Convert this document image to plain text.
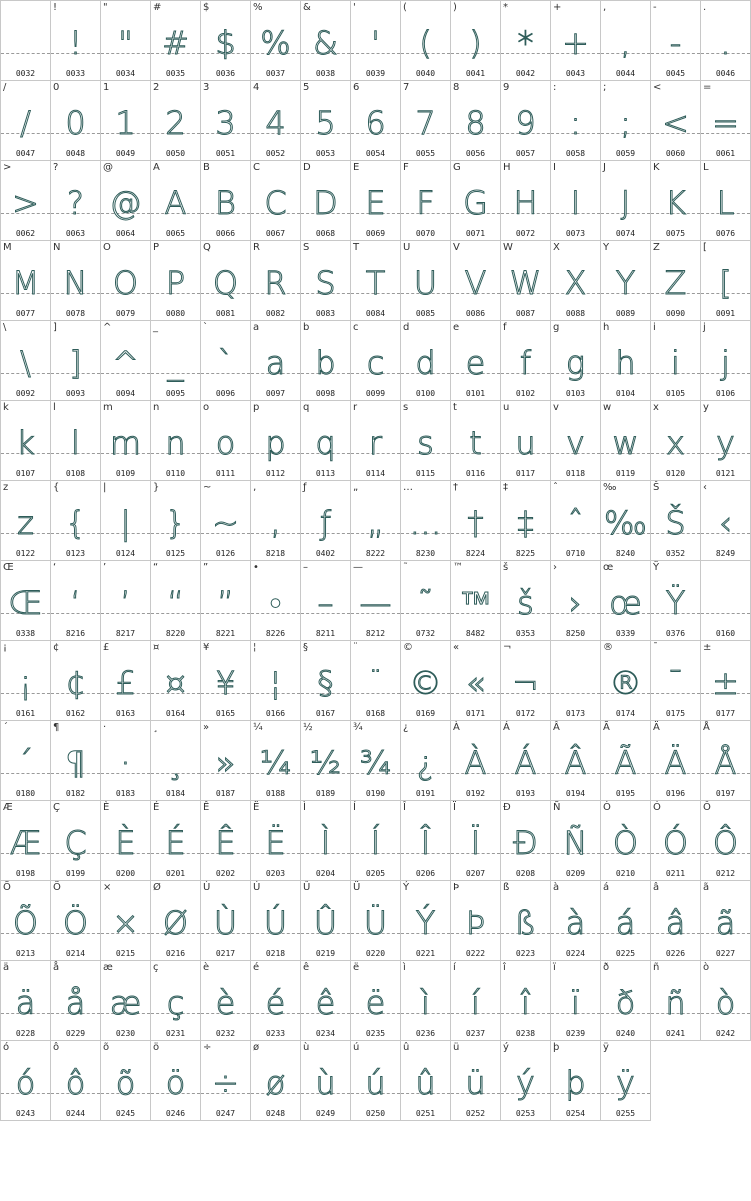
0032
!
!
0033
"
"
0034
#
#
0035
$
$
0036
%
%
0037
&
&
0038
'
'
0039
(
(
0040
)
)
0041
*
*
0042
+
+
0043
,
,
0044
-
-
0045
.
.
0046
/
/
0047
0
0
0048
1
1
0049
2
2
0050
3
3
0051
4
4
0052
5
5
0053
6
6
0054
7
7
0055
8
8
0056
9
9
0057
:
:
0058
;
;
0059
<
<
0060
=
=
0061
>
>
0062
?
?
0063
@
@
0064
A
A
0065
B
B
0066
C
C
0067
D
D
0068
E
E
0069
F
F
0070
G
G
0071
H
H
0072
I
I
0073
J
J
0074
K
K
0075
L
L
0076
M
M
0077
N
N
0078
O
O
0079
P
P
0080
Q
Q
0081
R
R
0082
S
S
0083
T
T
0084
U
U
0085
V
V
0086
W
W
0087
X
X
0088
Y
Y
0089
Z
Z
0090
[
[
0091
\
\
0092
]
]
0093
^
^
0094
_
_
0095
`
`
0096
a
a
0097
b
b
0098
c
c
0099
d
d
0100
e
e
0101
f
f
0102
g
g
0103
h
h
0104
i
i
0105
j
j
0106
k
k
0107
l
l
0108
m
m
0109
n
n
0110
o
o
0111
p
p
0112
q
q
0113
r
r
0114
s
s
0115
t
t
0116
u
u
0117
v
v
0118
w
w
0119
x
x
0120
y
y
0121
z
z
0122
{
{
0123
|
|
0124
}
}
0125
~
~
0126
‚
‚
8218
ƒ
ƒ
0402
„
„
8222
…
…
8230
†
†
8224
‡
‡
8225
ˆ
ˆ
0710
‰
‰
8240
Š
Š
0352
‹
‹
8249
Œ
Œ
0338
‘
‘
8216
’
’
8217
“
“
8220
”
”
8221
•
•
8226
–
–
8211
—
—
8212
˜
˜
0732
™
™
8482
š
š
0353
›
›
8250
œ
œ
0339
Ÿ
Ÿ
0376	0160
¡
¡
0161
¢
¢
0162
£
£
0163
¤
¤
0164
¥
¥
0165
¦
¦
0166
§
§
0167
¨
¨
0168
©
©
0169
«
«
0171
¬
¬
0172	0173
®
®
0174
¯
¯
0175
±
±
0177
´
´
0180
¶
¶
0182
·
·
0183
¸
¸
0184
»
»
0187
¼
¼
0188
½
½
0189
¾
¾
0190
¿
¿
0191
À
À
0192
Á
Á
0193
Â
Â
0194
Ã
Ã
0195
Ä
Ä
0196
Å
Å
0197
Æ
Æ
0198
Ç
Ç
0199
È
È
0200
É
É
0201
Ê
Ê
0202
Ë
Ë
0203
Ì
Ì
0204
Í
Í
0205
Î
Î
0206
Ï
Ï
0207
Ð
Ð
0208
Ñ
Ñ
0209
Ò
Ò
0210
Ó
Ó
0211
Ô
Ô
0212
Õ
Õ
0213
Ö
Ö
0214
×
×
0215
Ø
Ø
0216
Ù
Ù
0217
Ú
Ú
0218
Û
Û
0219
Ü
Ü
0220
Ý
Ý
0221
Þ
Þ
0222
ß
ß
0223
à
à
0224
á
á
0225
â
â
0226
ã
ã
0227
ä
ä
0228
å
å
0229
æ
æ
0230
ç
ç
0231
è
è
0232
é
é
0233
ê
ê
0234
ë
ë
0235
ì
ì
0236
í
í
0237
î
î
0238
ï
ï
0239
ð
ð
0240
ñ
ñ
0241
ò
ò
0242
ó
ó
0243
ô
ô
0244
õ
õ
0245
ö
ö
0246
÷
÷
0247
ø
ø
0248
ù
ù
0249
ú
ú
0250
û
û
0251
ü
ü
0252
ý
ý
0253
þ
þ
0254
ÿ
ÿ
0255
